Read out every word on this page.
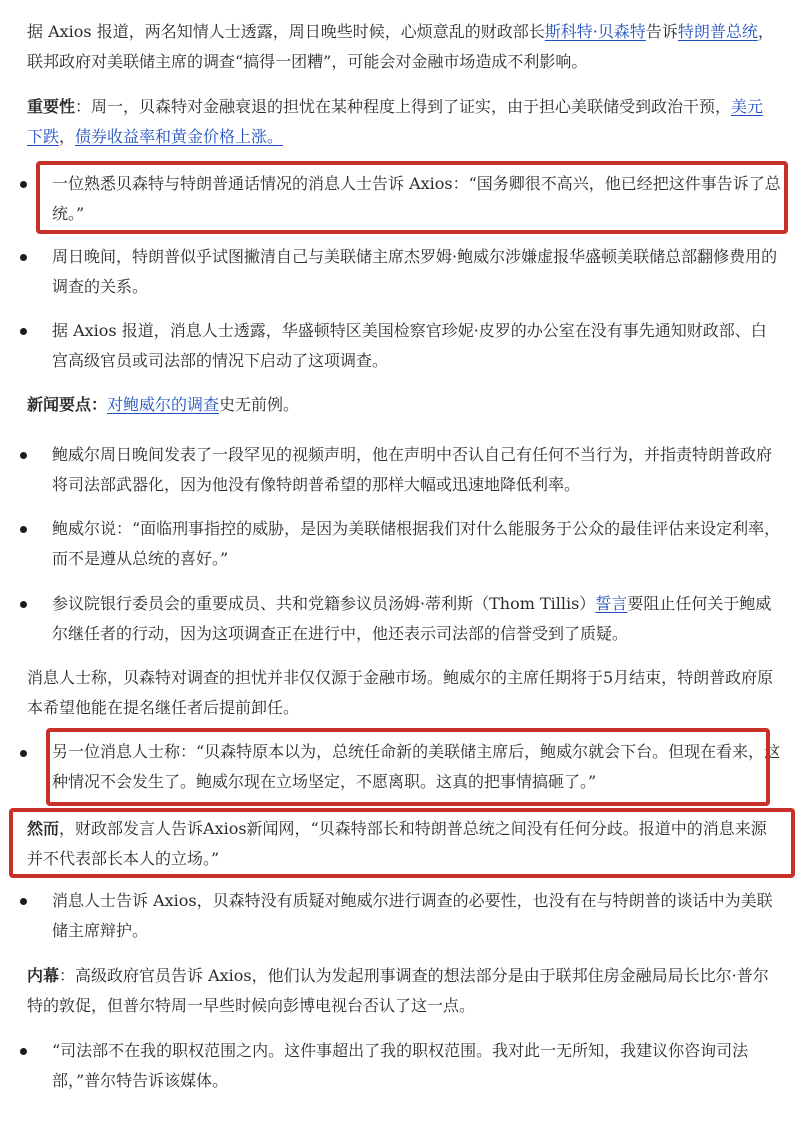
据 Axios 报道，两名知情人士透露，周日晚些时候，心烦意乱的财政部长斯科特·贝森特告诉特朗普总统，联邦政府对美联储主席的调查“搞得一团糟”，可能会对金融市场造成不利影响。

重要性：周一，贝森特对金融衰退的担忧在某种程度上得到了证实，由于担心美联储受到政治干预，美元下跌，债券收益率和黄金价格上涨。

一位熟悉贝森特与特朗普通话情况的消息人士告诉 Axios：“国务卿很不高兴，他已经把这件事告诉了总统。”

周日晚间，特朗普似乎试图撇清自己与美联储主席杰罗姆·鲍威尔涉嫌虚报华盛顿美联储总部翻修费用的调查的关系。

据 Axios 报道，消息人士透露，华盛顿特区美国检察官珍妮·皮罗的办公室在没有事先通知财政部、白宫高级官员或司法部的情况下启动了这项调查。

新闻要点：对鲍威尔的调查史无前例。

鲍威尔周日晚间发表了一段罕见的视频声明，他在声明中否认自己有任何不当行为，并指责特朗普政府将司法部武器化，因为他没有像特朗普希望的那样大幅或迅速地降低利率。

鲍威尔说：“面临刑事指控的威胁，是因为美联储根据我们对什么能服务于公众的最佳评估来设定利率，而不是遵从总统的喜好。”

参议院银行委员会的重要成员、共和党籍参议员汤姆·蒂利斯（Thom Tillis）誓言要阻止任何关于鲍威尔继任者的行动，因为这项调查正在进行中，他还表示司法部的信誉受到了质疑。

消息人士称，贝森特对调查的担忧并非仅仅源于金融市场。鲍威尔的主席任期将于5月结束，特朗普政府原本希望他能在提名继任者后提前卸任。

另一位消息人士称：“贝森特原本以为，总统任命新的美联储主席后，鲍威尔就会下台。但现在看来，这种情况不会发生了。鲍威尔现在立场坚定，不愿离职。这真的把事情搞砸了。”

然而，财政部发言人告诉Axios新闻网，“贝森特部长和特朗普总统之间没有任何分歧。报道中的消息来源并不代表部长本人的立场。”

消息人士告诉 Axios，贝森特没有质疑对鲍威尔进行调查的必要性，也没有在与特朗普的谈话中为美联储主席辩护。

内幕：高级政府官员告诉 Axios，他们认为发起刑事调查的想法部分是由于联邦住房金融局局长比尔·普尔特的敦促，但普尔特周一早些时候向彭博电视台否认了这一点。

“司法部不在我的职权范围之内。这件事超出了我的职权范围。我对此一无所知，我建议你咨询司法部，”普尔特告诉该媒体。
